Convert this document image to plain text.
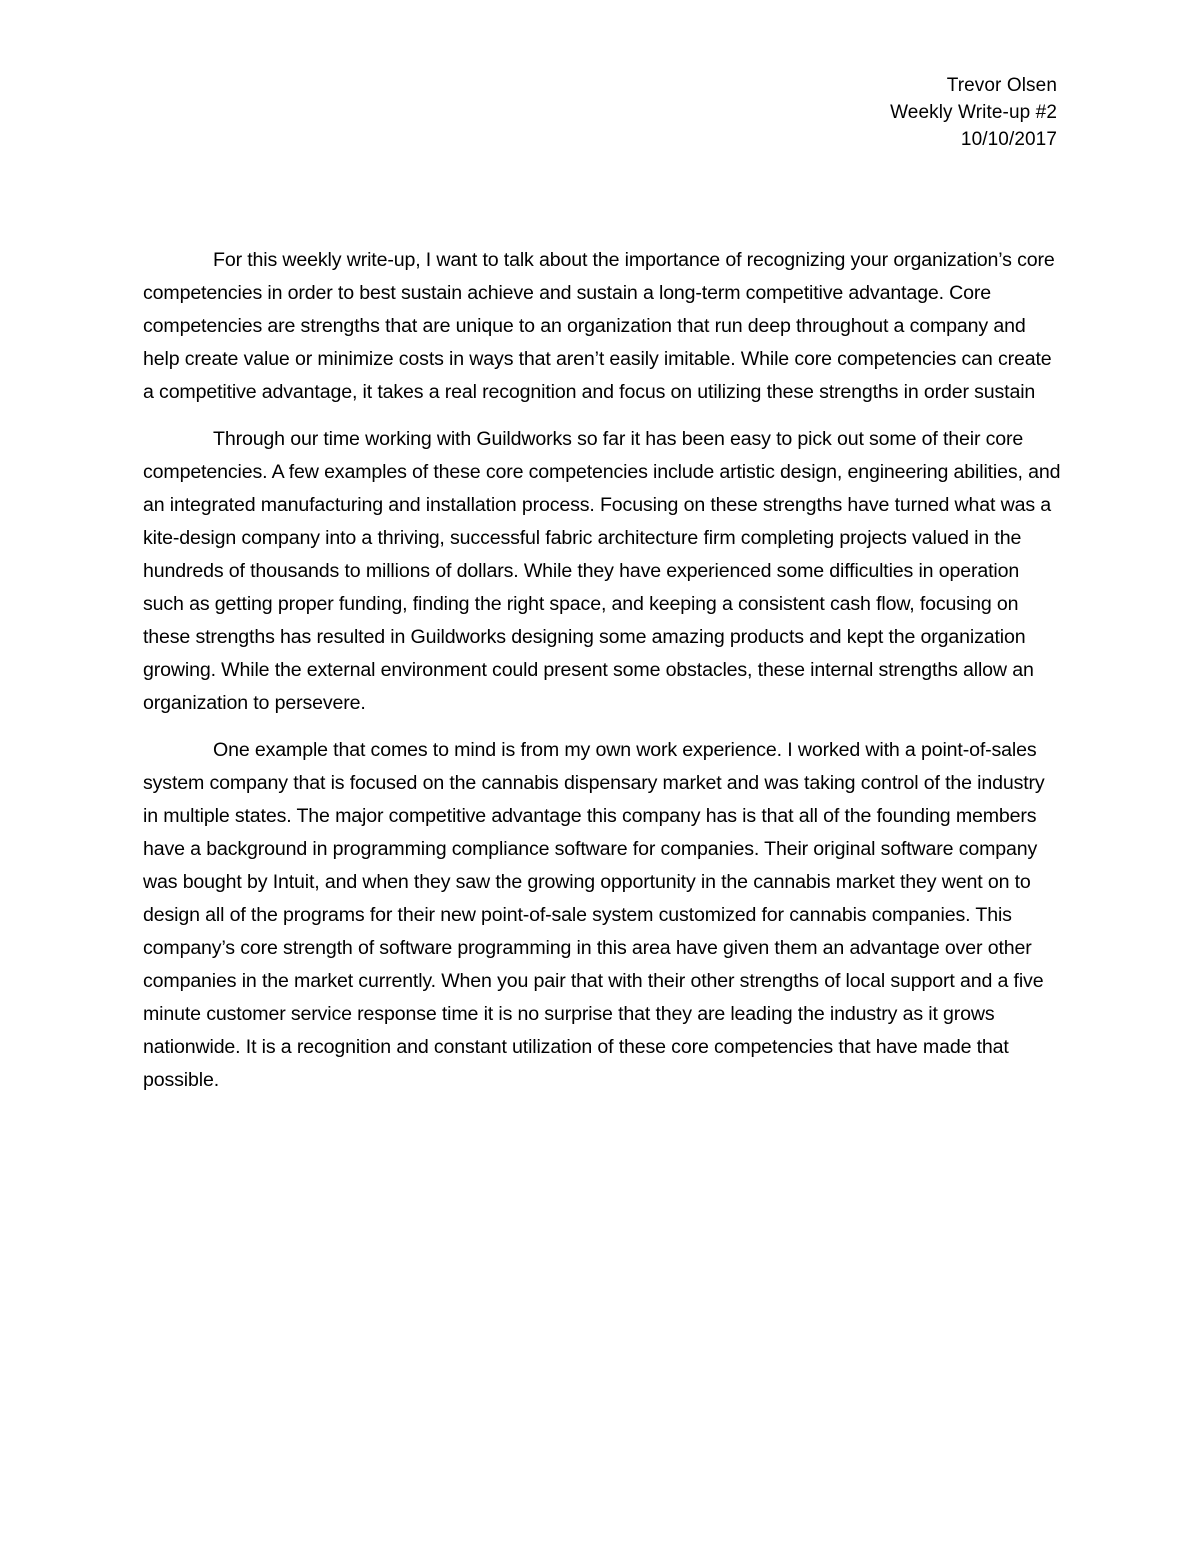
Trevor Olsen
Weekly Write-up #2
10/10/2017

For this weekly write-up, I want to talk about the importance of recognizing your organization’s core competencies in order to best sustain achieve and sustain a long-term competitive advantage. Core competencies are strengths that are unique to an organization that run deep throughout a company and help create value or minimize costs in ways that aren’t easily imitable. While core competencies can create a competitive advantage, it takes a real recognition and focus on utilizing these strengths in order sustain

Through our time working with Guildworks so far it has been easy to pick out some of their core competencies. A few examples of these core competencies include artistic design, engineering abilities, and an integrated manufacturing and installation process. Focusing on these strengths have turned what was a kite-design company into a thriving, successful fabric architecture firm completing projects valued in the hundreds of thousands to millions of dollars. While they have experienced some difficulties in operation such as getting proper funding, finding the right space, and keeping a consistent cash flow, focusing on these strengths has resulted in Guildworks designing some amazing products and kept the organization growing. While the external environment could present some obstacles, these internal strengths allow an organization to persevere.

One example that comes to mind is from my own work experience. I worked with a point-of-sales system company that is focused on the cannabis dispensary market and was taking control of the industry in multiple states. The major competitive advantage this company has is that all of the founding members have a background in programming compliance software for companies. Their original software company was bought by Intuit, and when they saw the growing opportunity in the cannabis market they went on to design all of the programs for their new point-of-sale system customized for cannabis companies. This company’s core strength of software programming in this area have given them an advantage over other companies in the market currently. When you pair that with their other strengths of local support and a five minute customer service response time it is no surprise that they are leading the industry as it grows nationwide. It is a recognition and constant utilization of these core competencies that have made that possible.
